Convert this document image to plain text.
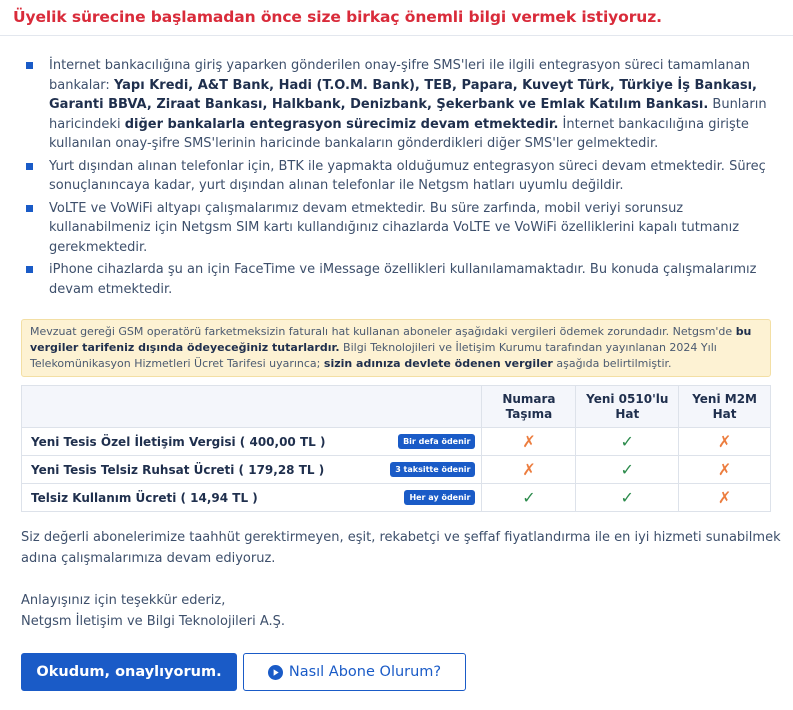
Üyelik sürecine başlamadan önce size birkaç önemli bilgi vermek istiyoruz.
İnternet bankacılığına giriş yaparken gönderilen onay-şifre SMS'leri ile ilgili entegrasyon süreci tamamlanan bankalar: Yapı Kredi, A&T Bank, Hadi (T.O.M. Bank), TEB, Papara, Kuveyt Türk, Türkiye İş Bankası, Garanti BBVA, Ziraat Bankası, Halkbank, Denizbank, Şekerbank ve Emlak Katılım Bankası. Bunların haricindeki diğer bankalarla entegrasyon sürecimiz devam etmektedir. İnternet bankacılığına girişte kullanılan onay-şifre SMS'lerinin haricinde bankaların gönderdikleri diğer SMS'ler gelmektedir.
Yurt dışından alınan telefonlar için, BTK ile yapmakta olduğumuz entegrasyon süreci devam etmektedir. Süreç sonuçlanıncaya kadar, yurt dışından alınan telefonlar ile Netgsm hatları uyumlu değildir.
VoLTE ve VoWiFi altyapı çalışmalarımız devam etmektedir. Bu süre zarfında, mobil veriyi sorunsuz kullanabilmeniz için Netgsm SIM kartı kullandığınız cihazlarda VoLTE ve VoWiFi özelliklerini kapalı tutmanız gerekmektedir.
iPhone cihazlarda şu an için FaceTime ve iMessage özellikleri kullanılamamaktadır. Bu konuda çalışmalarımız devam etmektedir.
Mevzuat gereği GSM operatörü farketmeksizin faturalı hat kullanan aboneler aşağıdaki vergileri ödemek zorundadır. Netgsm'de bu vergiler tarifeniz dışında ödeyeceğiniz tutarlardır. Bilgi Teknolojileri ve İletişim Kurumu tarafından yayınlanan 2024 Yılı Telekomünikasyon Hizmetleri Ücret Tarifesi uyarınca; sizin adınıza devlete ödenen vergiler aşağıda belirtilmiştir.
	Numara Taşıma	Yeni 0510'lu Hat	Yeni M2M Hat
Yeni Tesis Özel İletişim Vergisi ( 400,00 TL ) Bir defa ödenir	✗	✓	✗
Yeni Tesis Telsiz Ruhsat Ücreti ( 179,28 TL ) 3 taksitte ödenir	✗	✓	✗
Telsiz Kullanım Ücreti ( 14,94 TL ) Her ay ödenir	✓	✓	✗

Siz değerli abonelerimize taahhüt gerektirmeyen, eşit, rekabetçi ve şeffaf fiyatlandırma ile en iyi hizmeti sunabilmek adına çalışmalarımıza devam ediyoruz.

Anlayışınız için teşekkür ederiz,
Netgsm İletişim ve Bilgi Teknolojileri A.Ş.
Okudum, onaylıyorum.	Nasıl Abone Olurum?
